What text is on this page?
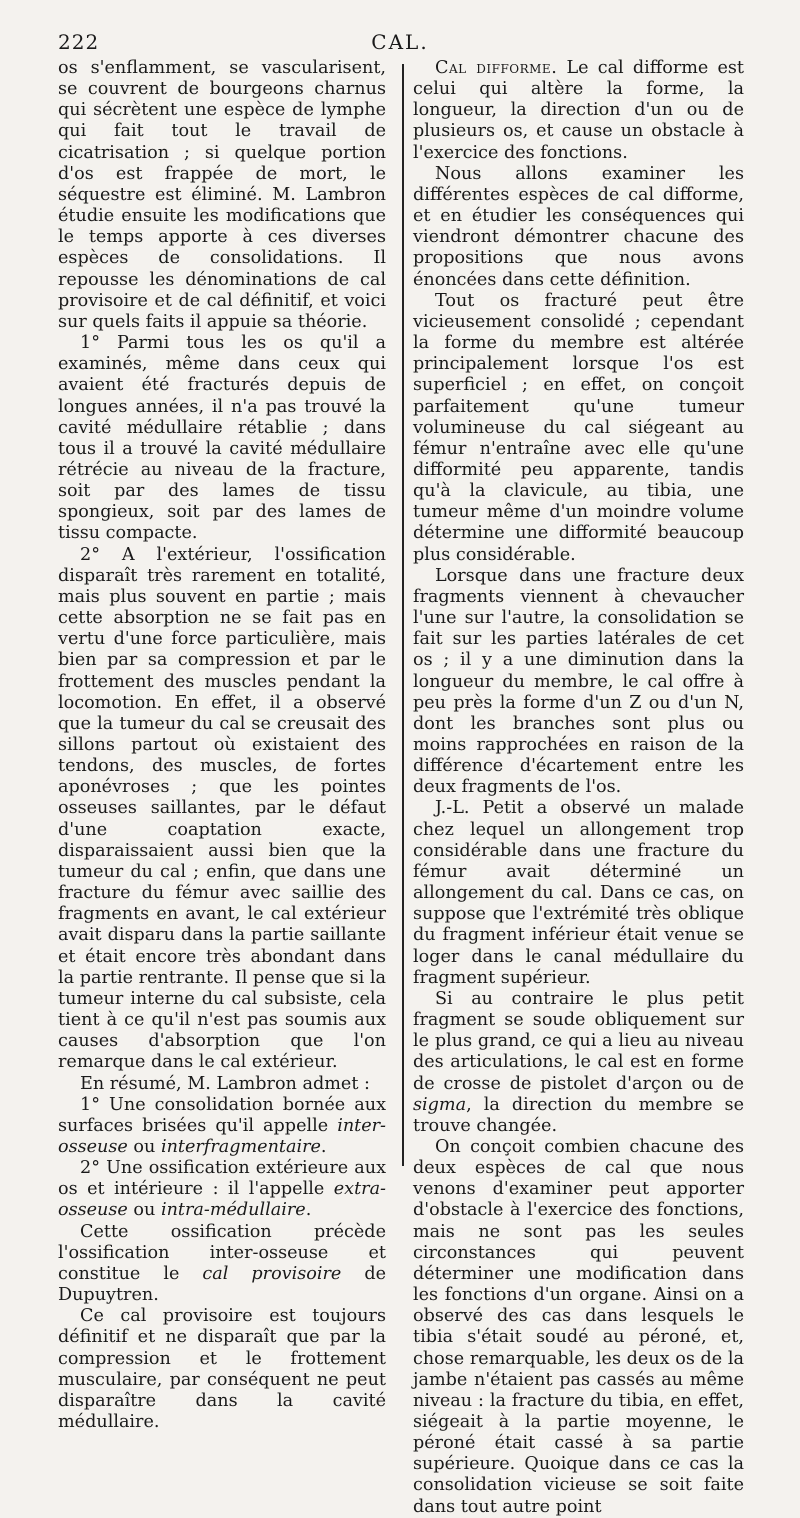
222	CAL.

os s'enflamment, se vascularisent, se couvrent de bourgeons charnus qui sécrètent une espèce de lymphe qui fait tout le travail de cicatrisation ; si quelque portion d'os est frappée de mort, le séquestre est éliminé. M. Lambron étudie ensuite les modifications que le temps apporte à ces diverses espèces de consolidations. Il repousse les dénominations de cal provisoire et de cal définitif, et voici sur quels faits il appuie sa théorie.

1° Parmi tous les os qu'il a examinés, même dans ceux qui avaient été fracturés depuis de longues années, il n'a pas trouvé la cavité médullaire rétablie ; dans tous il a trouvé la cavité médullaire rétrécie au niveau de la fracture, soit par des lames de tissu spongieux, soit par des lames de tissu compacte.

2° A l'extérieur, l'ossification disparaît très rarement en totalité, mais plus souvent en partie ; mais cette absorption ne se fait pas en vertu d'une force particulière, mais bien par sa compression et par le frottement des muscles pendant la locomotion. En effet, il a observé que la tumeur du cal se creusait des sillons partout où existaient des tendons, des muscles, de fortes aponévroses ; que les pointes osseuses saillantes, par le défaut d'une coaptation exacte, disparaissaient aussi bien que la tumeur du cal ; enfin, que dans une fracture du fémur avec saillie des fragments en avant, le cal extérieur avait disparu dans la partie saillante et était encore très abondant dans la partie rentrante. Il pense que si la tumeur interne du cal subsiste, cela tient à ce qu'il n'est pas soumis aux causes d'absorption que l'on remarque dans le cal extérieur.

En résumé, M. Lambron admet :

1° Une consolidation bornée aux surfaces brisées qu'il appelle inter-osseuse ou interfragmentaire.

2° Une ossification extérieure aux os et intérieure : il l'appelle extra-osseuse ou intra-médullaire.

Cette ossification précède l'ossification inter-osseuse et constitue le cal provisoire de Dupuytren.

Ce cal provisoire est toujours définitif et ne disparaît que par la compression et le frottement musculaire, par conséquent ne peut disparaître dans la cavité médullaire.

Cal difforme. Le cal difforme est celui qui altère la forme, la longueur, la direction d'un ou de plusieurs os, et cause un obstacle à l'exercice des fonctions.

Nous allons examiner les différentes espèces de cal difforme, et en étudier les conséquences qui viendront démontrer chacune des propositions que nous avons énoncées dans cette définition.

Tout os fracturé peut être vicieusement consolidé ; cependant la forme du membre est altérée principalement lorsque l'os est superficiel ; en effet, on conçoit parfaitement qu'une tumeur volumineuse du cal siégeant au fémur n'entraîne avec elle qu'une difformité peu apparente, tandis qu'à la clavicule, au tibia, une tumeur même d'un moindre volume détermine une difformité beaucoup plus considérable.

Lorsque dans une fracture deux fragments viennent à chevaucher l'une sur l'autre, la consolidation se fait sur les parties latérales de cet os ; il y a une diminution dans la longueur du membre, le cal offre à peu près la forme d'un Z ou d'un N, dont les branches sont plus ou moins rapprochées en raison de la différence d'écartement entre les deux fragments de l'os.

J.-L. Petit a observé un malade chez lequel un allongement trop considérable dans une fracture du fémur avait déterminé un allongement du cal. Dans ce cas, on suppose que l'extrémité très oblique du fragment inférieur était venue se loger dans le canal médullaire du fragment supérieur.

Si au contraire le plus petit fragment se soude obliquement sur le plus grand, ce qui a lieu au niveau des articulations, le cal est en forme de crosse de pistolet d'arçon ou de sigma, la direction du membre se trouve changée.

On conçoit combien chacune des deux espèces de cal que nous venons d'examiner peut apporter d'obstacle à l'exercice des fonctions, mais ne sont pas les seules circonstances qui peuvent déterminer une modification dans les fonctions d'un organe. Ainsi on a observé des cas dans lesquels le tibia s'était soudé au péroné, et, chose remarquable, les deux os de la jambe n'étaient pas cassés au même niveau : la fracture du tibia, en effet, siégeait à la partie moyenne, le péroné était cassé à sa partie supérieure. Quoique dans ce cas la consolidation vicieuse se soit faite dans tout autre point
